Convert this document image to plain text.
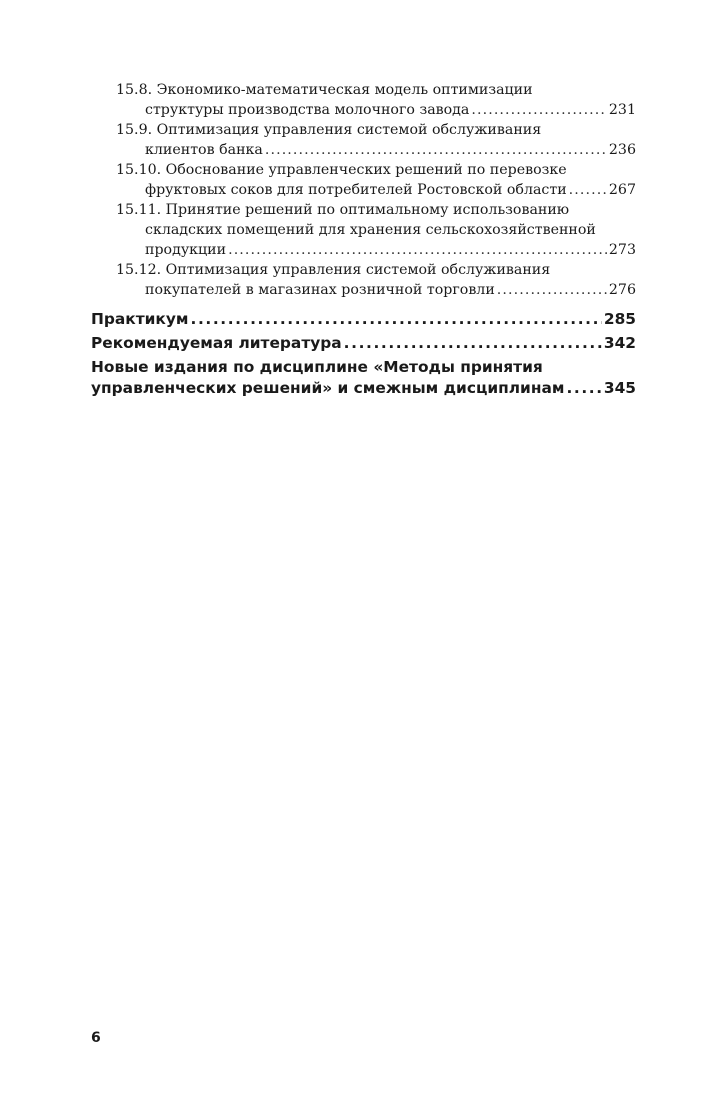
15.8. Экономико-математическая модель оптимизации
структуры производства молочного завода .....	231
15.9. Оптимизация управления системой обслуживания
клиентов банка .....	236
15.10. Обоснование управленческих решений по перевозке
фруктовых соков для потребителей Ростовской области .....	267
15.11. Принятие решений по оптимальному использованию
складских помещений для хранения сельскохозяйственной
продукции .....	273
15.12. Оптимизация управления системой обслуживания
покупателей в магазинах розничной торговли .....	276
Практикум .....	285
Рекомендуемая литература .....	342
Новые издания по дисциплине «Методы принятия
управленческих решений» и смежным дисциплинам .....	345
6
